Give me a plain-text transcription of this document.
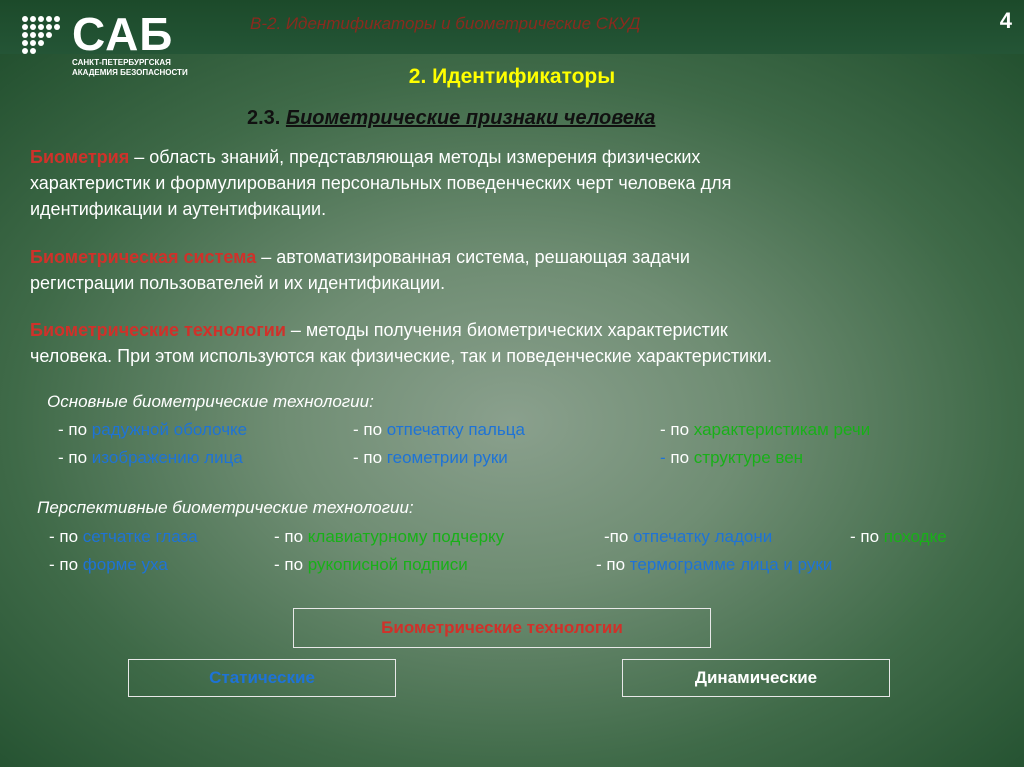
САБ
САНКТ-ПЕТЕРБУРГСКАЯ
АКАДЕМИЯ БЕЗОПАСНОСТИ
В-2. Идентификаторы и биометрические СКУД	4
2. Идентификаторы
2.3. Биометрические признаки человека
Биометрия – область знаний, представляющая методы измерения физических
характеристик и формулирования персональных поведенческих черт человека для
идентификации и аутентификации.
Биометрическая система – автоматизированная система, решающая задачи
регистрации пользователей и их идентификации.
Биометрические технологии – методы получения биометрических характеристик
человека. При этом используются как физические, так и поведенческие характеристики.
Основные биометрические технологии:
- по радужной оболочке	- по отпечатку пальца	- по характеристикам речи
- по изображению лица	- по геометрии руки	- по структуре вен
Перспективные биометрические технологии:
- по сетчатке глаза	- по клавиатурному подчерку	-по отпечатку ладони	- по походке
- по форме уха	- по рукописной подписи	- по термограмме лица и руки
Биометрические технологии
Статические	Динамические
